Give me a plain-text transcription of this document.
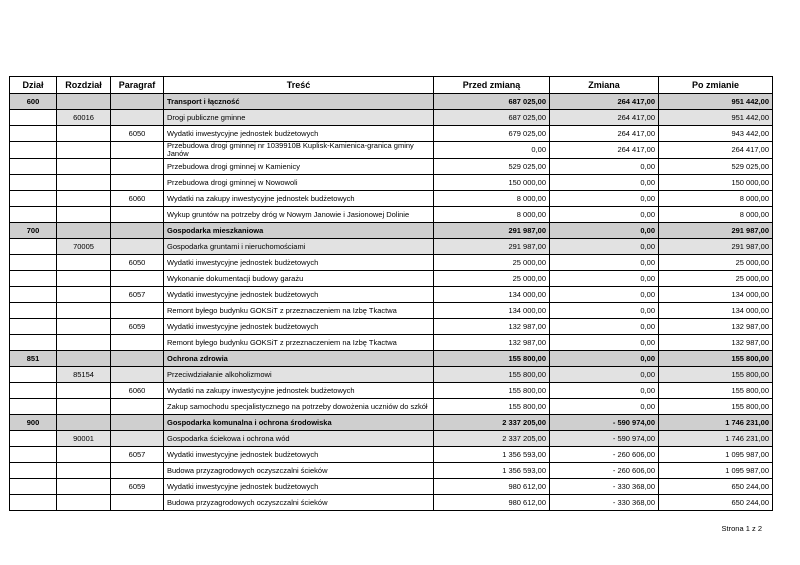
Dział	Rozdział	Paragraf	Treść	Przed zmianą	Zmiana	Po zmianie
600			Transport i łączność	687 025,00	264 417,00	951 442,00
	60016		Drogi publiczne gminne	687 025,00	264 417,00	951 442,00
		6050	Wydatki inwestycyjne jednostek budżetowych	679 025,00	264 417,00	943 442,00
			Przebudowa drogi gminnej nr 1039910B Kuplisk-Kamienica-granica gminy Janów	0,00	264 417,00	264 417,00
			Przebudowa drogi gminnej w Kamienicy	529 025,00	0,00	529 025,00
			Przebudowa drogi gminnej w Nowowoli	150 000,00	0,00	150 000,00
		6060	Wydatki na zakupy inwestycyjne jednostek budżetowych	8 000,00	0,00	8 000,00
			Wykup gruntów na potrzeby dróg w Nowym Janowie i Jasionowej Dolinie	8 000,00	0,00	8 000,00
700			Gospodarka mieszkaniowa	291 987,00	0,00	291 987,00
	70005		Gospodarka gruntami i nieruchomościami	291 987,00	0,00	291 987,00
		6050	Wydatki inwestycyjne jednostek budżetowych	25 000,00	0,00	25 000,00
			Wykonanie dokumentacji budowy garażu	25 000,00	0,00	25 000,00
		6057	Wydatki inwestycyjne jednostek budżetowych	134 000,00	0,00	134 000,00
			Remont byłego budynku GOKSiT z przeznaczeniem na Izbę Tkactwa	134 000,00	0,00	134 000,00
		6059	Wydatki inwestycyjne jednostek budżetowych	132 987,00	0,00	132 987,00
			Remont byłego budynku GOKSiT z przeznaczeniem na Izbę Tkactwa	132 987,00	0,00	132 987,00
851			Ochrona zdrowia	155 800,00	0,00	155 800,00
	85154		Przeciwdziałanie alkoholizmowi	155 800,00	0,00	155 800,00
		6060	Wydatki na zakupy inwestycyjne jednostek budżetowych	155 800,00	0,00	155 800,00
			Zakup samochodu specjalistycznego na potrzeby dowożenia uczniów do szkół	155 800,00	0,00	155 800,00
900			Gospodarka komunalna i ochrona środowiska	2 337 205,00	- 590 974,00	1 746 231,00
	90001		Gospodarka ściekowa i ochrona wód	2 337 205,00	- 590 974,00	1 746 231,00
		6057	Wydatki inwestycyjne jednostek budżetowych	1 356 593,00	- 260 606,00	1 095 987,00
			Budowa przyzagrodowych oczyszczalni ścieków	1 356 593,00	- 260 606,00	1 095 987,00
		6059	Wydatki inwestycyjne jednostek budżetowych	980 612,00	- 330 368,00	650 244,00
			Budowa przyzagrodowych oczyszczalni ścieków	980 612,00	- 330 368,00	650 244,00
Strona 1 z 2
